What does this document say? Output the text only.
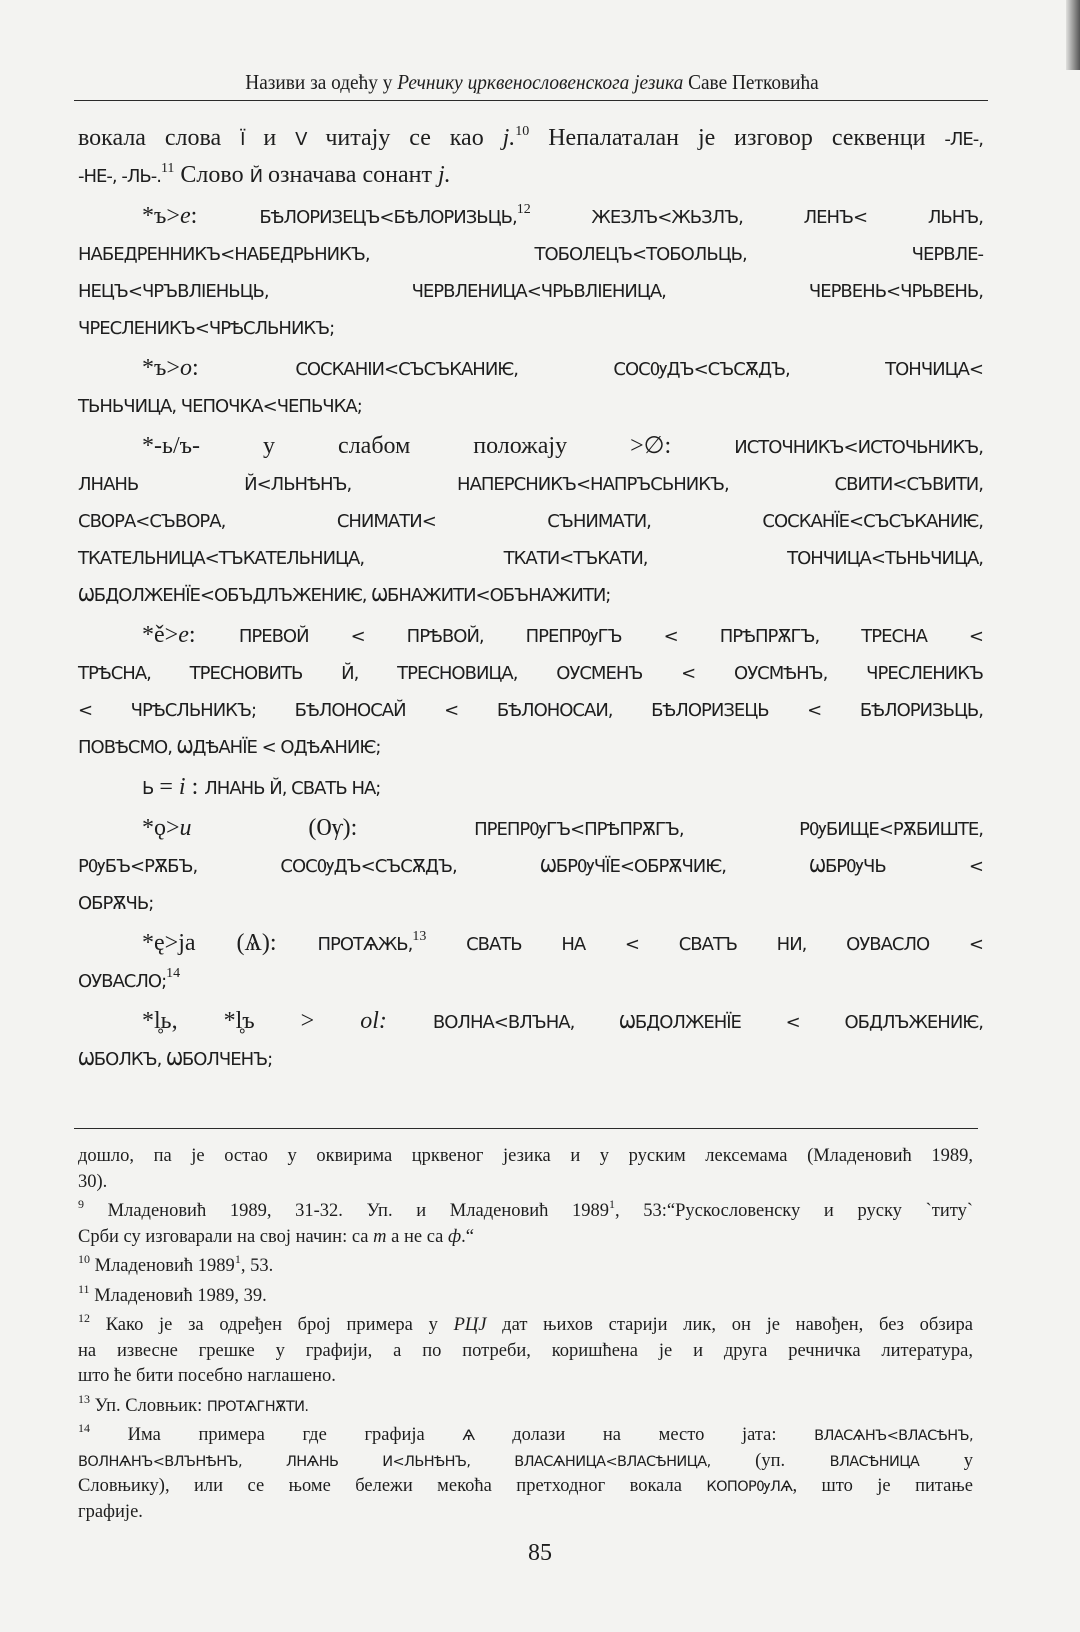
Називи за одећу у Речнику црквенословенскога језика Саве Петковића
вокала слова Ї и V читају се као j.$^{10}$ Непалаталан је изговор секвенци -ЛЕ-,
-НЕ-, -ЛЬ-.$^{11}$ Слово Й означава сонант j.
*ъ>e: БѢЛОРИЗЕЦЪ<БѢЛОРИЗЬЦЬ,$^{12}$ ЖЕЗЛЪ<ЖЬЗЛЪ, ЛЕНЪ< ЛЬНЪ,
НАБЕДРЕННИКЪ<НАБЕДРЬНИКЪ, ТОБОЛЕЦЪ<ТОБОЛЬЦЬ, ЧЕРВЛЕ-
НЕЦЪ<ЧРЪВЛІЕНЬЦЬ, ЧЕРВЛЕНИЦА<ЧРЬВЛІЕНИЦА, ЧЕРВЕНЬ<ЧРЬВЕНЬ,
ЧРЕСЛЕНИКЪ<ЧРѢСЛЬНИКЪ;
*ъ>o: СОСКАНІИ<СЪСЪКАНИѤ, СОСѸДЪ<СЪСѪДЪ, ТОНЧИЦА<
ТЬНЬЧИЦА, ЧЕПОЧКА<ЧЕПЬЧКА;
*-ь/ъ- у слабом положају >∅: ИСТОЧНИКЪ<ИСТОЧЬНИКЪ,
ЛНАНЬ Й<ЛЬНѢНЪ, НАПЕРСНИКЪ<НАПРЪСЬНИКЪ, СВИТИ<СЪВИТИ,
СВОРА<СЪВОРА, СНИМАТИ< СЪНИМАТИ, СОСКАНЇЕ<СЪСЪКАНИѤ,
ТКАТЕЛЬНИЦА<ТЪКАТЕЛЬНИЦА, ТКАТИ<ТЪКАТИ, ТОНЧИЦА<ТЬНЬЧИЦА,
ѠБДОЛЖЕНЇЕ<ОБЪДЛЪЖЕНИѤ, ѠБНАЖИТИ<ОБЪНАЖИТИ;
*ě>e: ПРЕВОЙ < ПРѢВОЙ, ПРЕПРѸГЪ < ПРѢПРѪГЪ, ТРЕСНА <
ТРѢСНА, ТРЕСНОВИТЬ Й, ТРЕСНОВИЦА, ОУСМЕНЪ < ОУСМѢНЪ, ЧРЕСЛЕНИКЪ
< ЧРѢСЛЬНИКЪ; БѢЛОНОСАЙ < БѢЛОНОСАИ, БѢЛОРИЗЕЦЬ < БѢЛОРИЗЬЦЬ,
ПОВѢСМО, ѠДѢАНЇЕ < ОДѢѦНИѤ;
Ь = i : ЛНАНЬ Й, СВАТЬ НА;
*ǫ>u (Ѹ): ПРЕПРѸГЪ<ПРѢПРѪГЪ, РѸБИЩЕ<РѪБИШТЕ,
РѸБЪ<РѪБЪ, СОСѸДЪ<СЪСѪДЪ, ѠБРѸЧЇЕ<ОБРѪЧИѤ, ѠБРѸЧЬ <
ОБРѪЧЬ;
*ę>ja (Ѧ): ПРОТѦЖЬ,$^{13}$ СВАТЬ НА < СВАТЪ НИ, ОУВАСЛО <
ОУВАСЛО;$^{14}$
*l̥ь, *l̥ъ > ol:	ВОЛНА<ВЛЪНА, ѠБДОЛЖЕНЇЕ < ОБДЛЪЖЕНИѤ,
ѠБОЛКЪ, ѠБОЛЧЕНЪ;
дошло, па је остао у оквирима црквеног језика и у руским лексемама (Младеновић 1989,
30).
$^9$ Младеновић 1989, 31-32. Уп. и Младеновић 1989$^1$, 53:“Рускословенску и руску `титу`
Срби су изговарали на свој начин: са т а не са ф.“
$^{10}$ Младеновић 1989$^1$, 53.
$^{11}$ Младеновић 1989, 39.
$^{12}$ Како је за одређен број примера у РЦЈ дат њихов старији лик, он је навођен, без обзира
на извесне грешке у графији, а по потреби, коришћена је и друга речничка литература,
што ће бити посебно наглашено.
$^{13}$ Уп. Словњик: ПРОТѦГНѪТИ.
$^{14}$ Има примера где графија Ѧ долази на место јата: ВЛАСѦНЪ<ВЛАСѢНЪ,
ВОЛНѦНЪ<ВЛЪНѢНЪ, ЛНѦНЬ И<ЛЬНѢНЪ, ВЛАСѦНИЦА<ВЛАСѢНИЦА, (уп. ВЛАСѢНИЦА у
Словњику), или се њоме бележи мекоћа претходног вокала КОПОРѸЛѦ, што је питање
графије.
85
